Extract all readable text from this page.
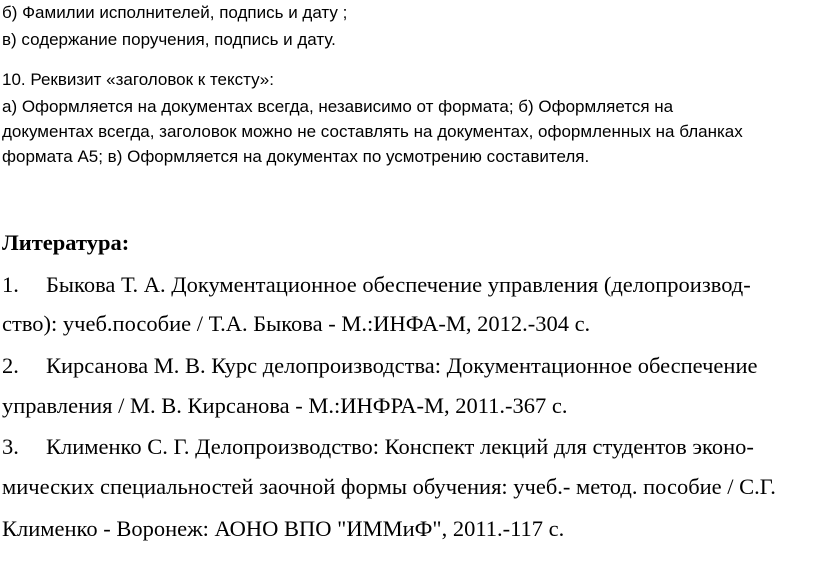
б) Фамилии исполнителей, подпись и дату ;
в) содержание поручения, подпись и дату.
10. Реквизит «заголовок к тексту»:
а) Оформляется на документах всегда, независимо от формата; б) Оформляется на
документах всегда, заголовок можно не составлять на документах, оформленных на бланках
формата А5; в) Оформляется на документах по усмотрению составителя.
Литература:
1. Быкова Т. А. Документационное обеспечение управления (делопроизвод-
ство): учеб.пособие / Т.А. Быкова - М.:ИНФА-М, 2012.-304 с.
2. Кирсанова М. В. Курс делопроизводства: Документационное обеспечение
управления / М. В. Кирсанова - М.:ИНФРА-М, 2011.-367 с.
3. Клименко С. Г. Делопроизводство: Конспект лекций для студентов эконо-
мических специальностей заочной формы обучения: учеб.- метод. пособие / С.Г.
Клименко - Воронеж: АОНО ВПО "ИММиФ", 2011.-117 с.
